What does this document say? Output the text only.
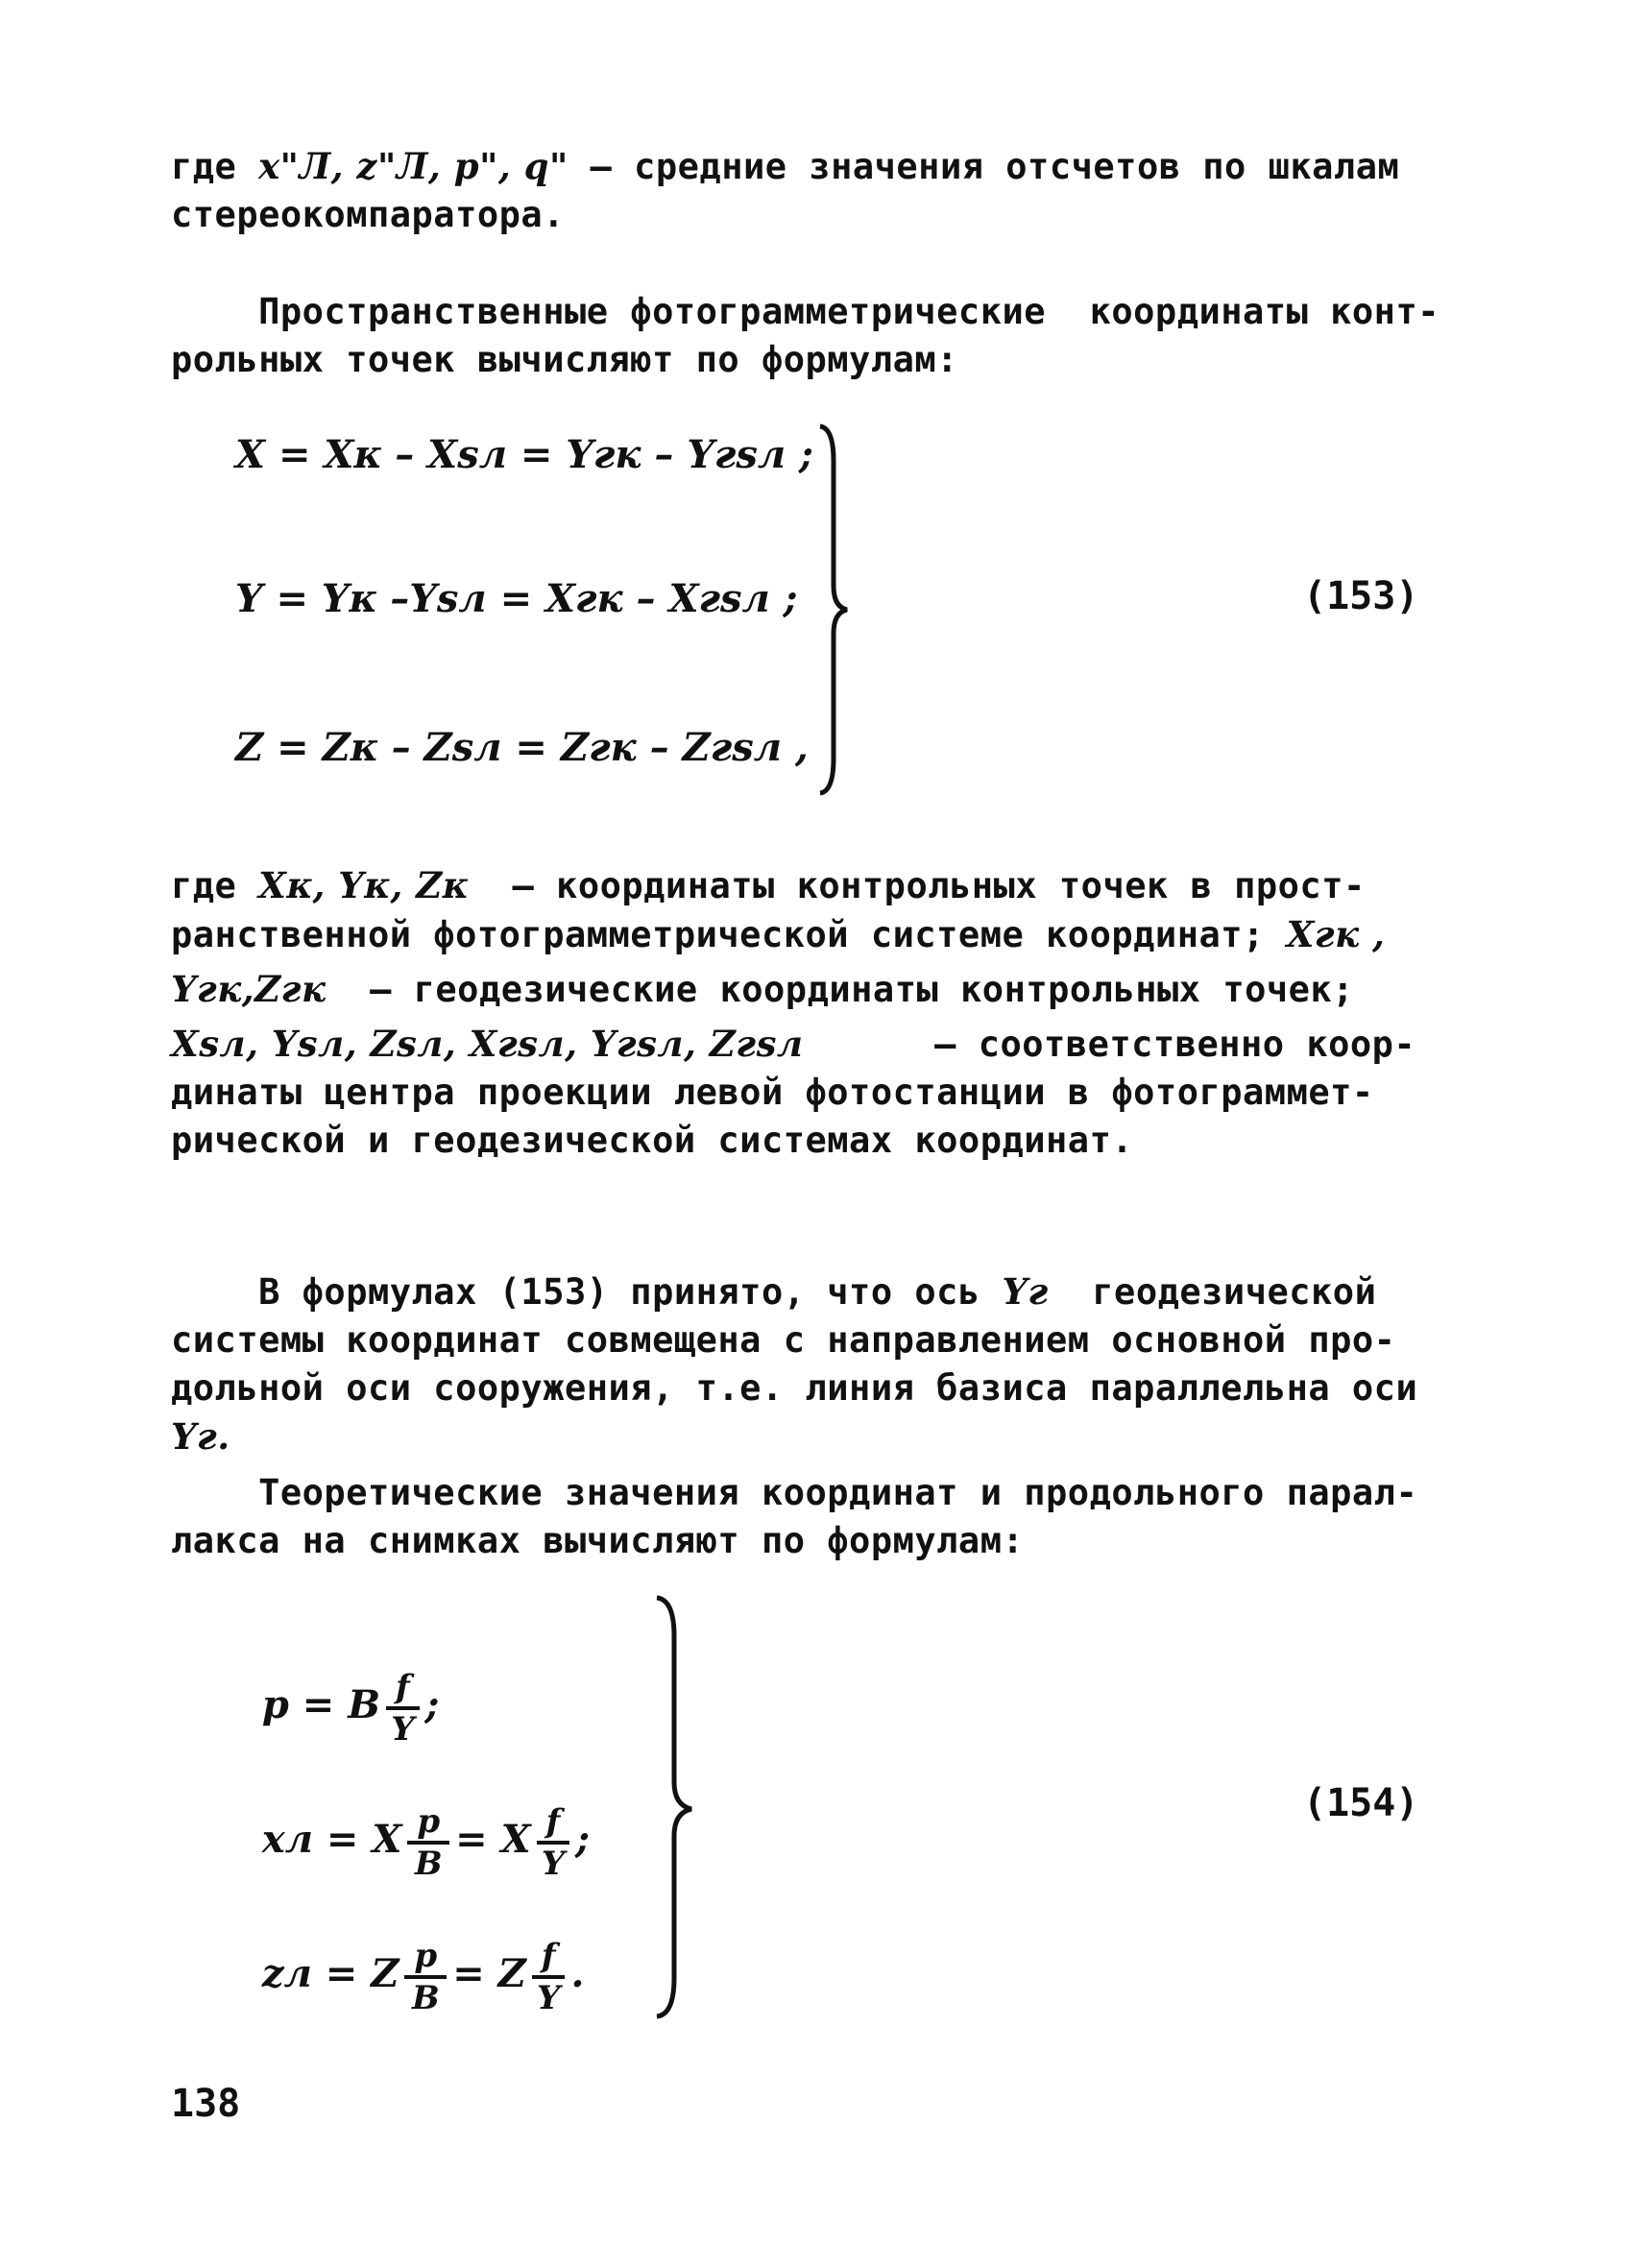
где x"Л, z"Л, p", q" – средние значения отсчетов по шкалам
стереокомпаратора.
Пространственные фотограмметрические  координаты конт-
рольных точек вычисляют по формулам:
X = Xᴋ – Xsл = Yгк – Yгsл ;
Y = Yᴋ –Ysл = Xгк – Xгsл ;
Z = Zᴋ – Zsл = Zгк – Zгsл ,
(153)
где Xᴋ, Yᴋ, Zᴋ  – координаты контрольных точек в прост-
ранственной фотограмметрической системе координат; Xгк ,
Yгк,Zгк  – геодезические координаты контрольных точек;
Xsл, Ysл, Zsл, Xгsл, Yгsл, Zгsл      – соответственно коор-
динаты центра проекции левой фотостанции в фотограммет-
рической и геодезической системах координат.
В формулах (153) принято, что ось Yг  геодезической
системы координат совмещена с направлением основной про-
дольной оси сооружения, т.е. линия базиса параллельна оси
Yг.
Теоретические значения координат и продольного парал-
лакса на снимках вычисляют по формулам:

p = B $\frac{f}{Y}$ ;

xл = X $\frac{p}{B} = X \frac{f}{Y}$ ;

zл = Z $\frac{p}{B} = Z \frac{f}{Y}$ .

(154)
138
